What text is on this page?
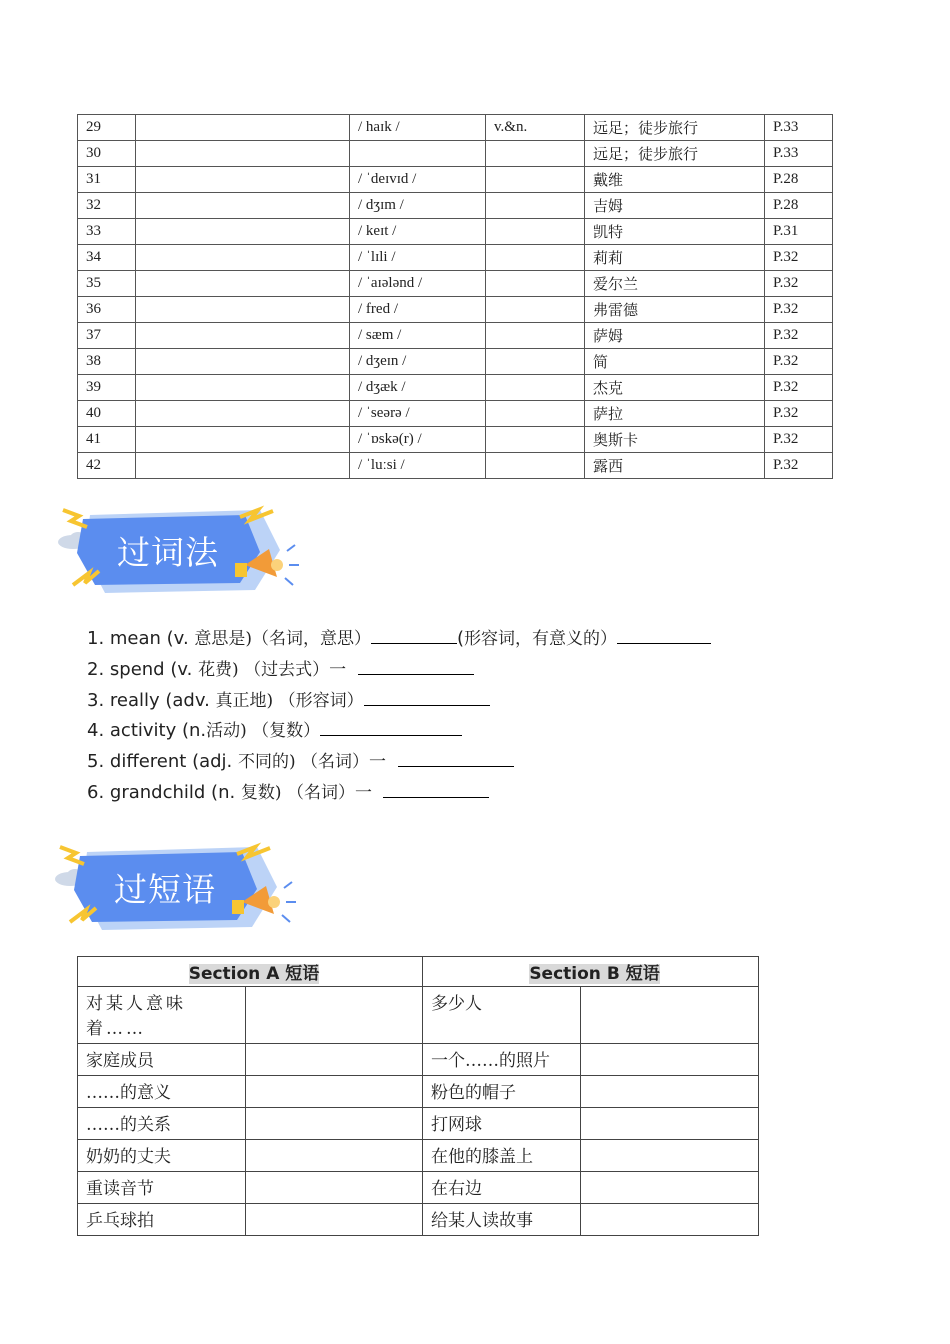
29		/ haɪk /	v.&n.	远足；徒步旅行	P.33
30				远足；徒步旅行	P.33
31		/ ˈdeɪvɪd /		戴维	P.28
32		/ dʒɪm /		吉姆	P.28
33		/ keɪt /		凯特	P.31
34		/ ˈlɪli /		莉莉	P.32
35		/ ˈaɪələnd /		爱尔兰	P.32
36		/ fred /		弗雷德	P.32
37		/ sæm /		萨姆	P.32
38		/ dʒeɪn /		简	P.32
39		/ dʒæk /		杰克	P.32
40		/ ˈseərə /		萨拉	P.32
41		/ ˈɒskə(r) /		奥斯卡	P.32
42		/ ˈluːsi /		露西	P.32
过词法
1. mean (v. 意思是)（名词，意思）	(形容词，有意义的）
2. spend (v. 花费) （过去式）一
3. really (adv. 真正地) （形容词）
4. activity (n.活动) （复数）
5. different (adj. 不同的) （名词）一
6. grandchild (n. 复数) （名词）一
过短语
Section A 短语		Section B 短语	
对某人意味着……		多少人	
家庭成员		一个……的照片	
……的意义		粉色的帽子	
……的关系		打网球	
奶奶的丈夫		在他的膝盖上	
重读音节		在右边	
乒乓球拍		给某人读故事	
